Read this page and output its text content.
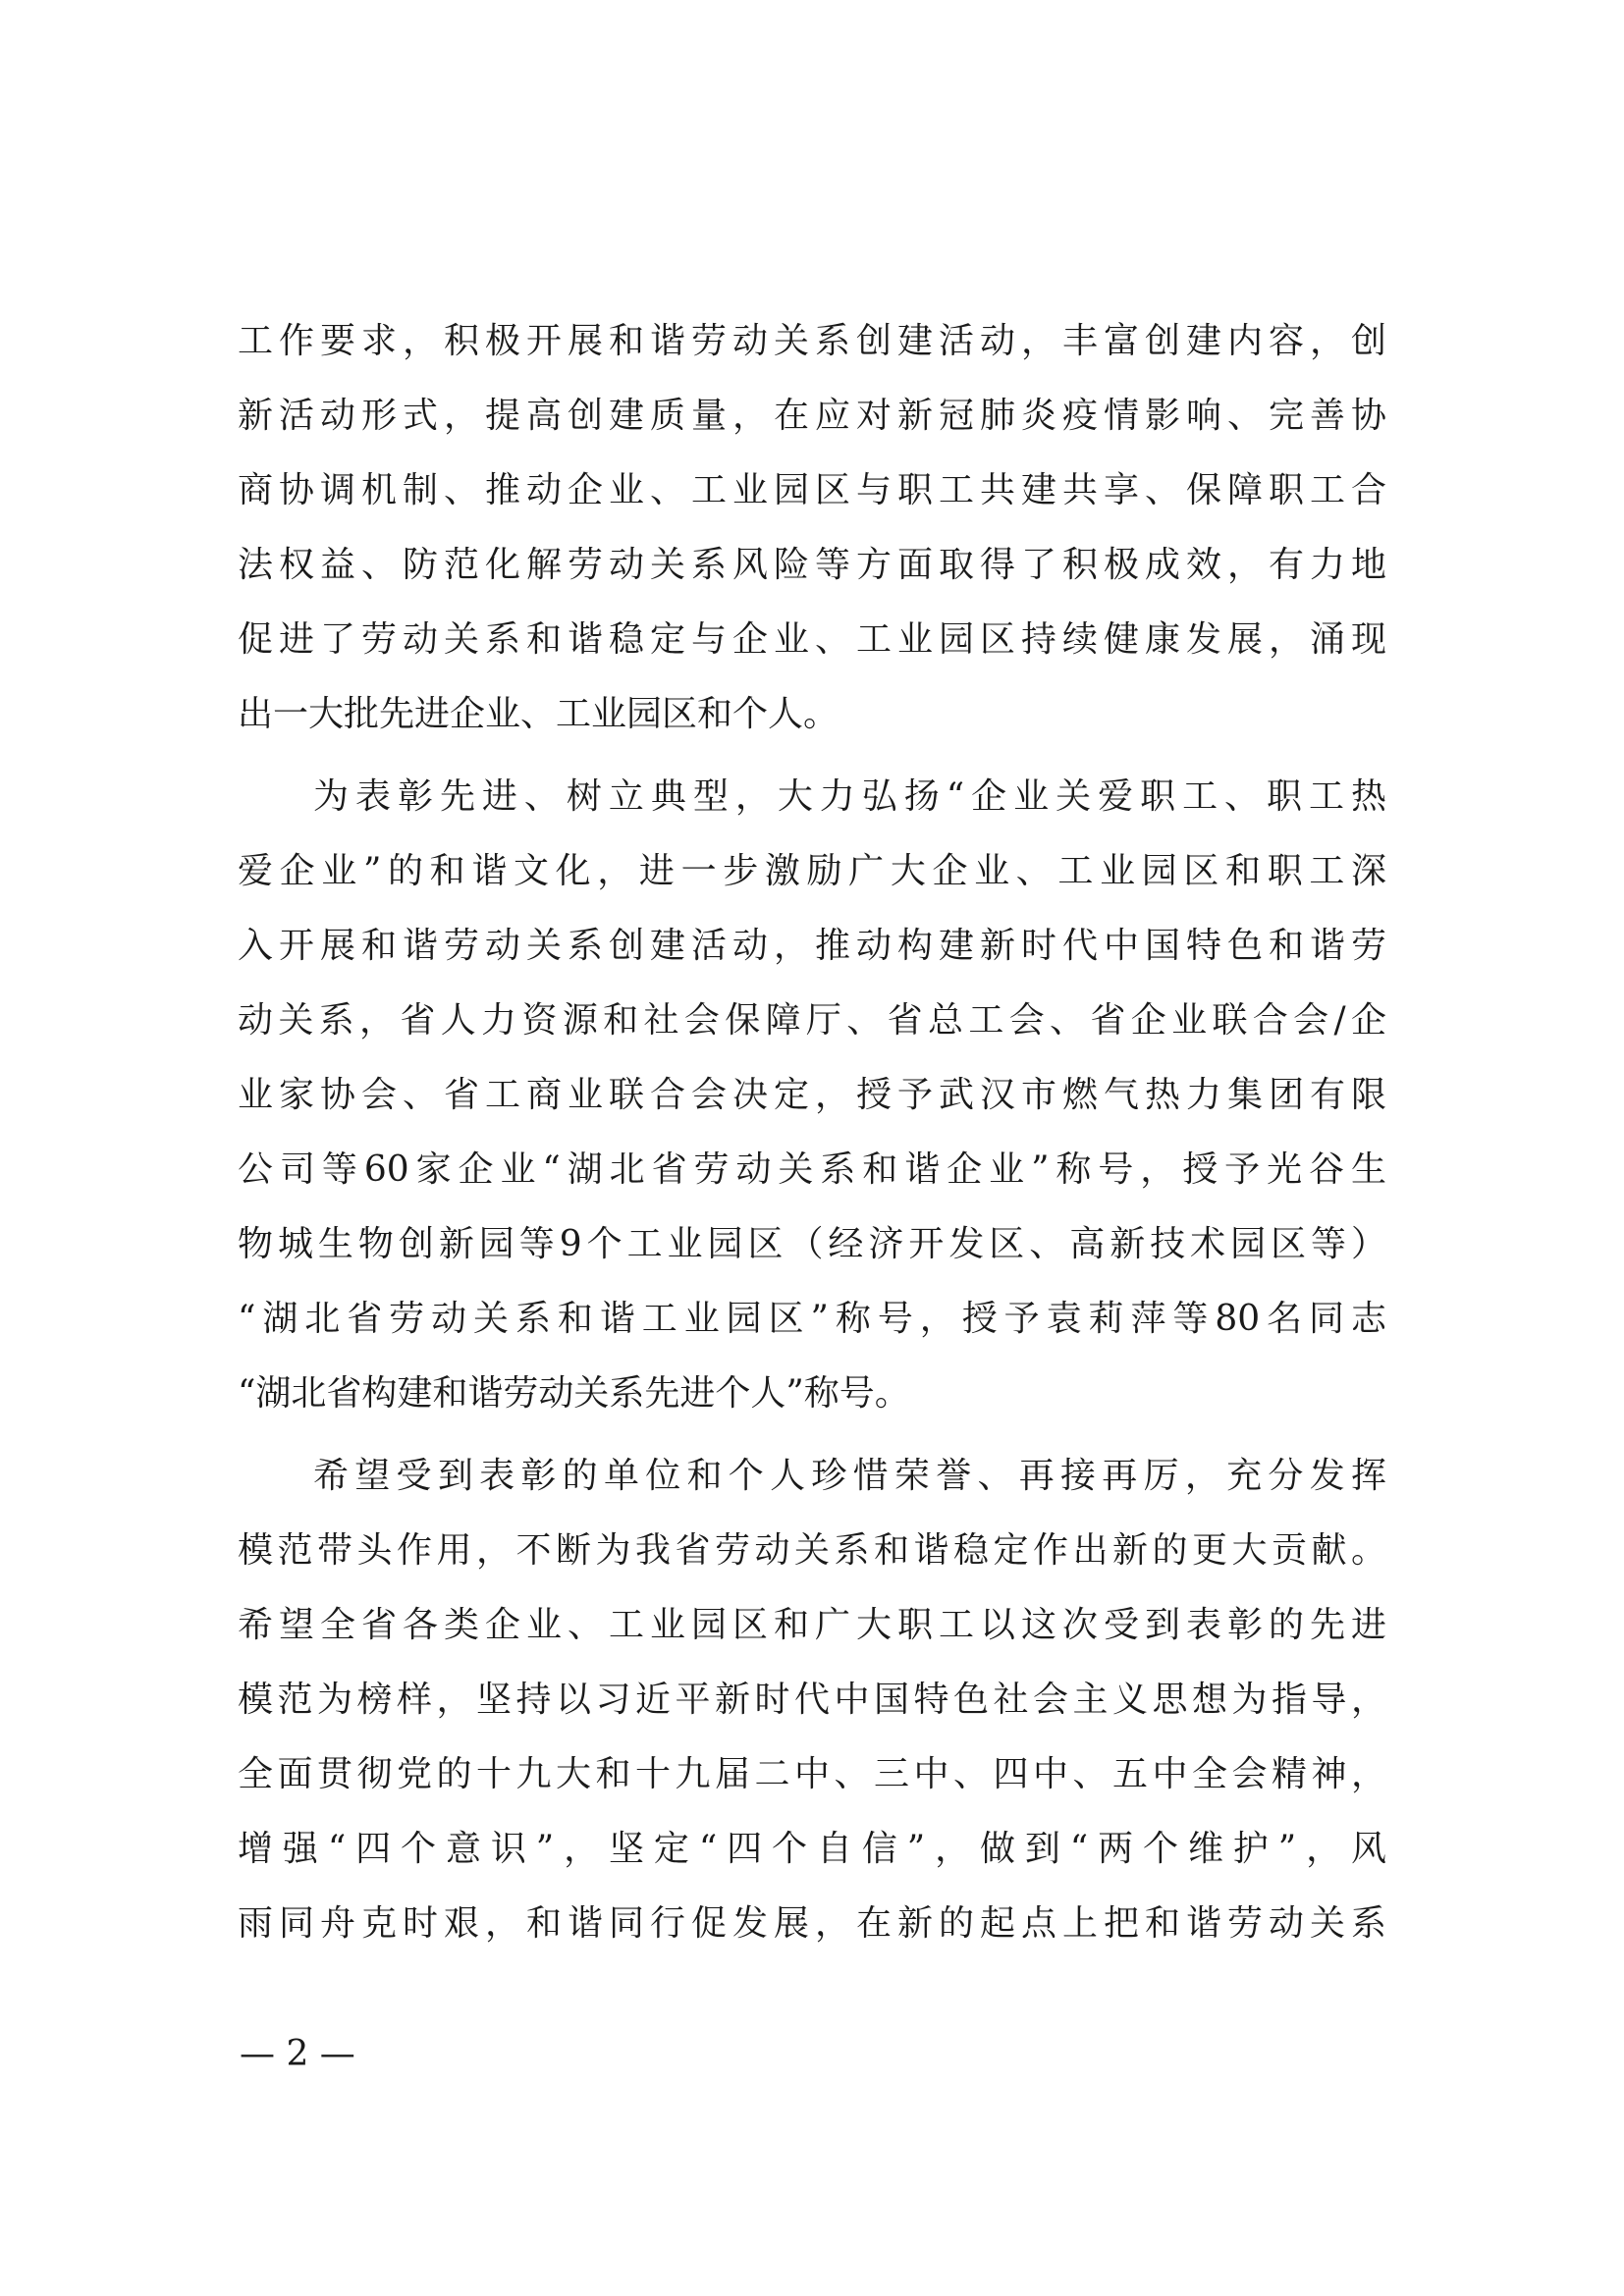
工作要求，积极开展和谐劳动关系创建活动，丰富创建内容，创
新活动形式，提高创建质量，在应对新冠肺炎疫情影响、完善协
商协调机制、推动企业、工业园区与职工共建共享、保障职工合
法权益、防范化解劳动关系风险等方面取得了积极成效，有力地
促进了劳动关系和谐稳定与企业、工业园区持续健康发展，涌现
出一大批先进企业、工业园区和个人。
为表彰先进、树立典型，大力弘扬“企业关爱职工、职工热
爱企业”的和谐文化，进一步激励广大企业、工业园区和职工深
入开展和谐劳动关系创建活动，推动构建新时代中国特色和谐劳
动关系，省人力资源和社会保障厅、省总工会、省企业联合会/企
业家协会、省工商业联合会决定，授予武汉市燃气热力集团有限
公司等60家企业“湖北省劳动关系和谐企业”称号，授予光谷生
物城生物创新园等9个工业园区（经济开发区、高新技术园区等）
“湖北省劳动关系和谐工业园区”称号，授予袁莉萍等80名同志
“湖北省构建和谐劳动关系先进个人”称号。
希望受到表彰的单位和个人珍惜荣誉、再接再厉，充分发挥
模范带头作用，不断为我省劳动关系和谐稳定作出新的更大贡献。
希望全省各类企业、工业园区和广大职工以这次受到表彰的先进
模范为榜样，坚持以习近平新时代中国特色社会主义思想为指导，
全面贯彻党的十九大和十九届二中、三中、四中、五中全会精神，
增强“四个意识”，坚定“四个自信”，做到“两个维护”，风
雨同舟克时艰，和谐同行促发展，在新的起点上把和谐劳动关系
— 2 —
